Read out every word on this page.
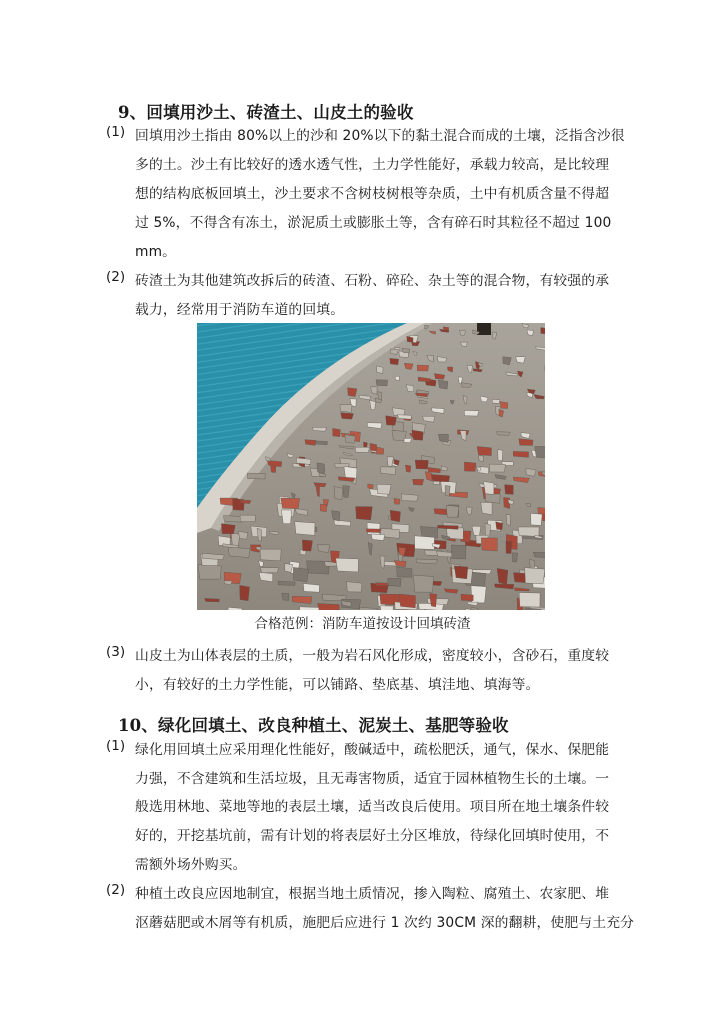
9、回填用沙土、砖渣土、山皮土的验收
(1) 回填用沙土指由 80%以上的沙和 20%以下的黏土混合而成的土壤，泛指含沙很
多的土。沙土有比较好的透水透气性，土力学性能好，承载力较高，是比较理
想的结构底板回填土，沙土要求不含树枝树根等杂质，土中有机质含量不得超
过 5%，不得含有冻土，淤泥质土或膨胀土等，含有碎石时其粒径不超过 100
mm。
(2) 砖渣土为其他建筑改拆后的砖渣、石粉、碎砼、杂土等的混合物，有较强的承
载力，经常用于消防车道的回填。
合格范例：消防车道按设计回填砖渣
(3) 山皮土为山体表层的土质，一般为岩石风化形成，密度较小，含砂石，重度较
小，有较好的土力学性能，可以铺路、垫底基、填洼地、填海等。
10、绿化回填土、改良种植土、泥炭土、基肥等验收
(1) 绿化用回填土应采用理化性能好，酸碱适中，疏松肥沃，通气，保水、保肥能
力强，不含建筑和生活垃圾，且无毒害物质，适宜于园林植物生长的土壤。一
般选用林地、菜地等地的表层土壤，适当改良后使用。项目所在地土壤条件较
好的，开挖基坑前，需有计划的将表层好土分区堆放，待绿化回填时使用，不
需额外场外购买。
(2) 种植土改良应因地制宜，根据当地土质情况，掺入陶粒、腐殖土、农家肥、堆
沤蘑菇肥或木屑等有机质，施肥后应进行 1 次约 30CM 深的翻耕，使肥与土充分
